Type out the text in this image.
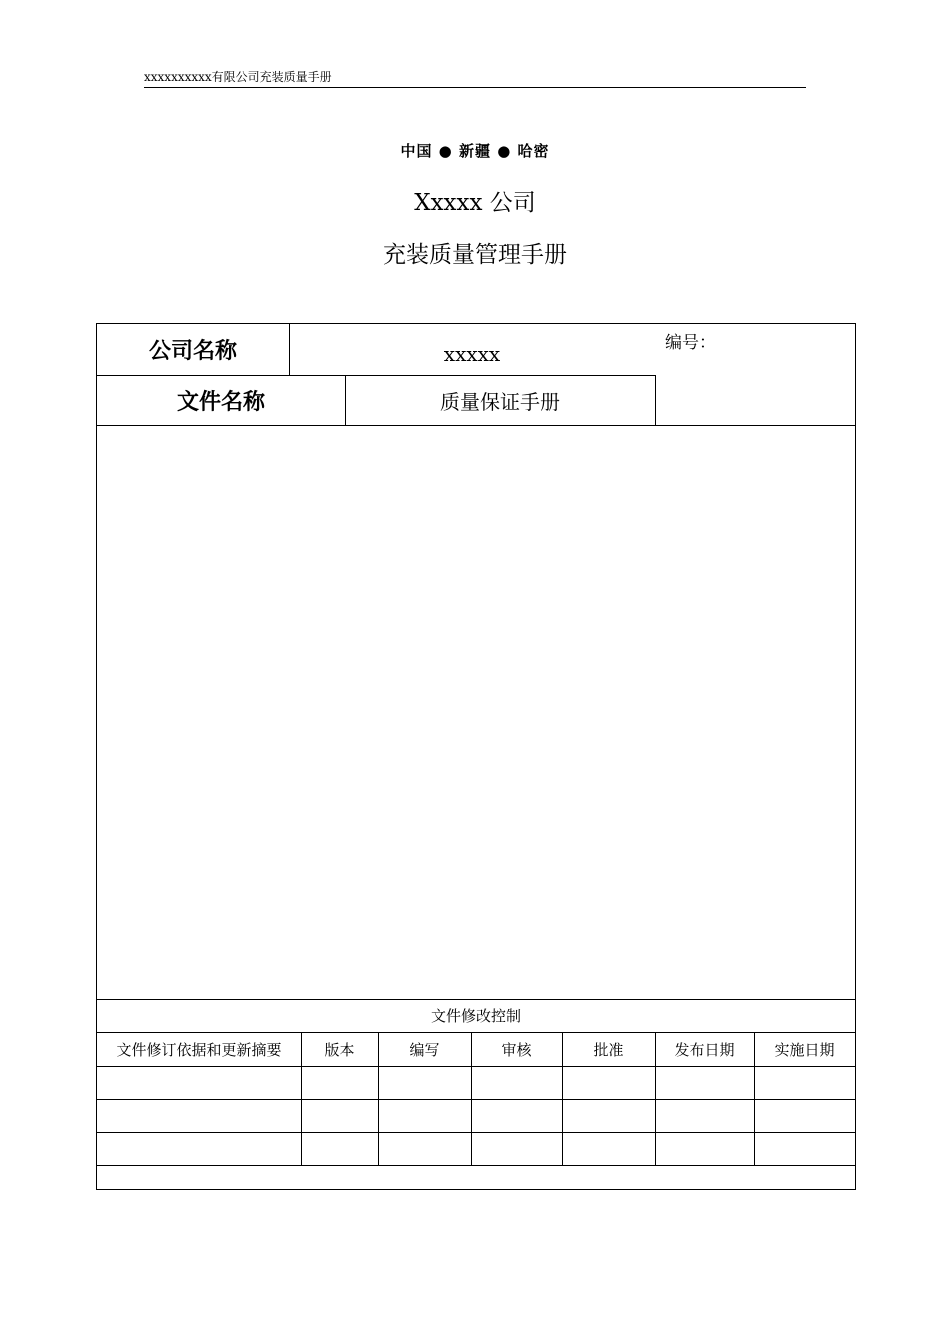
xxxxxxxxxx有限公司充装质量手册
中国 ● 新疆 ● 哈密
Xxxxx 公司
充装质量管理手册
公司名称	xxxxx
文件名称	质量保证手册
编号：
文件修改控制
文件修订依据和更新摘要	版本	编写	审核	批准	发布日期	实施日期
